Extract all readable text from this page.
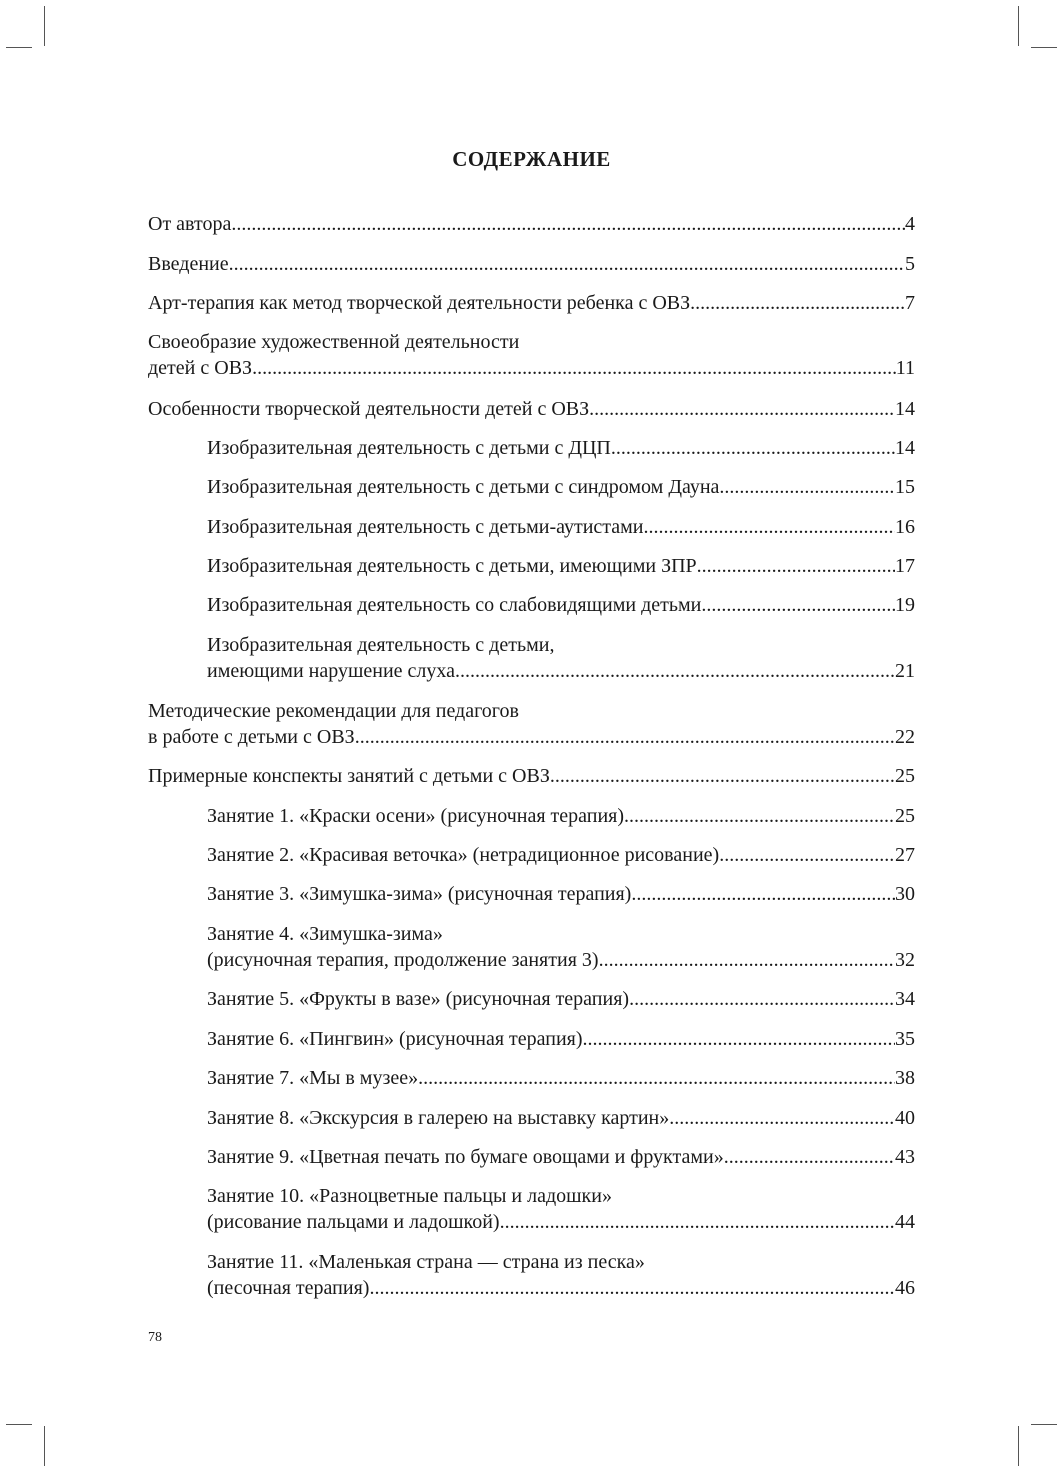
СОДЕРЖАНИЕ
От автора .....	4
Введение .....	5
Арт-терапия как метод творческой деятельности ребенка с ОВЗ .....	7
Своеобразие художественной деятельности
детей с ОВЗ .....	11
Особенности творческой деятельности детей с ОВЗ .....	14
Изобразительная деятельность с детьми с ДЦП .....	14
Изобразительная деятельность с детьми с синдромом Дауна .....	15
Изобразительная деятельность с детьми-аутистами .....	16
Изобразительная деятельность с детьми, имеющими ЗПР .....	17
Изобразительная деятельность со слабовидящими детьми .....	19
Изобразительная деятельность с детьми,
имеющими нарушение слуха .....	21
Методические рекомендации для педагогов
в работе с детьми с ОВЗ .....	22
Примерные конспекты занятий с детьми с ОВЗ .....	25
Занятие 1. «Краски осени» (рисуночная терапия) .....	25
Занятие 2. «Красивая веточка» (нетрадиционное рисование) .....	27
Занятие 3. «Зимушка-зима» (рисуночная терапия) .....	30
Занятие 4. «Зимушка-зима»
(рисуночная терапия, продолжение занятия 3) .....	32
Занятие 5. «Фрукты в вазе» (рисуночная терапия) .....	34
Занятие 6. «Пингвин» (рисуночная терапия) .....	35
Занятие 7. «Мы в музее» .....	38
Занятие 8. «Экскурсия в галерею на выставку картин» .....	40
Занятие 9. «Цветная печать по бумаге овощами и фруктами» .....	43
Занятие 10. «Разноцветные пальцы и ладошки»
(рисование пальцами и ладошкой) .....	44
Занятие 11. «Маленькая страна — страна из песка»
(песочная терапия) .....	46
78
